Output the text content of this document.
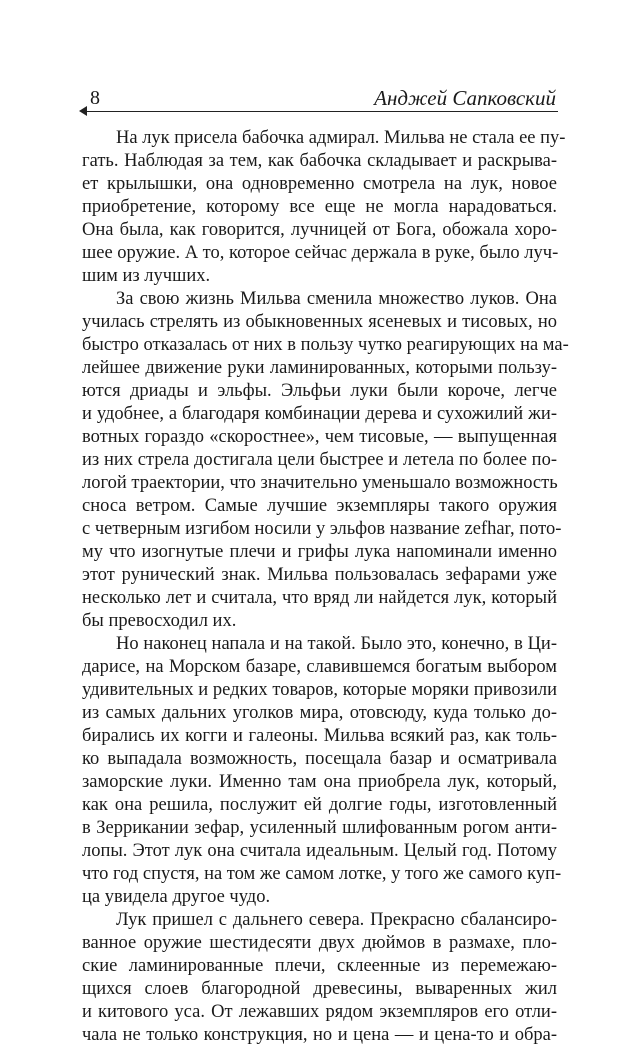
8	Анджей Сапковский

На лук присела бабочка адмирал. Мильва не стала ее пу-
гать. Наблюдая за тем, как бабочка складывает и раскрыва-
ет крылышки, она одновременно смотрела на лук, новое
приобретение, которому все еще не могла нарадоваться.
Она была, как говорится, лучницей от Бога, обожала хоро-
шее оружие. А то, которое сейчас держала в руке, было луч-
шим из лучших.

За свою жизнь Мильва сменила множество луков. Она
училась стрелять из обыкновенных ясеневых и тисовых, но
быстро отказалась от них в пользу чутко реагирующих на ма-
лейшее движение руки ламинированных, которыми пользу-
ются дриады и эльфы. Эльфьи луки были короче, легче
и удобнее, а благодаря комбинации дерева и сухожилий жи-
вотных гораздо «скоростнее», чем тисовые, — выпущенная
из них стрела достигала цели быстрее и летела по более по-
логой траектории, что значительно уменьшало возможность
сноса ветром. Самые лучшие экземпляры такого оружия
с четверным изгибом носили у эльфов название zefhar, пото-
му что изогнутые плечи и грифы лука напоминали именно
этот рунический знак. Мильва пользовалась зефарами уже
несколько лет и считала, что вряд ли найдется лук, который
бы превосходил их.

Но наконец напала и на такой. Было это, конечно, в Ци-
дарисе, на Морском базаре, славившемся богатым выбором
удивительных и редких товаров, которые моряки привозили
из самых дальних уголков мира, отовсюду, куда только до-
бирались их когги и галеоны. Мильва всякий раз, как толь-
ко выпадала возможность, посещала базар и осматривала
заморские луки. Именно там она приобрела лук, который,
как она решила, послужит ей долгие годы, изготовленный
в Зеррикании зефар, усиленный шлифованным рогом анти-
лопы. Этот лук она считала идеальным. Целый год. Потому
что год спустя, на том же самом лотке, у того же самого куп-
ца увидела другое чудо.

Лук пришел с дальнего севера. Прекрасно сбалансиро-
ванное оружие шестидесяти двух дюймов в размахе, пло-
ские ламинированные плечи, склеенные из перемежаю-
щихся слоев благородной древесины, вываренных жил
и китового уса. От лежавших рядом экземпляров его отли-
чала не только конструкция, но и цена — и цена-то и обра-
